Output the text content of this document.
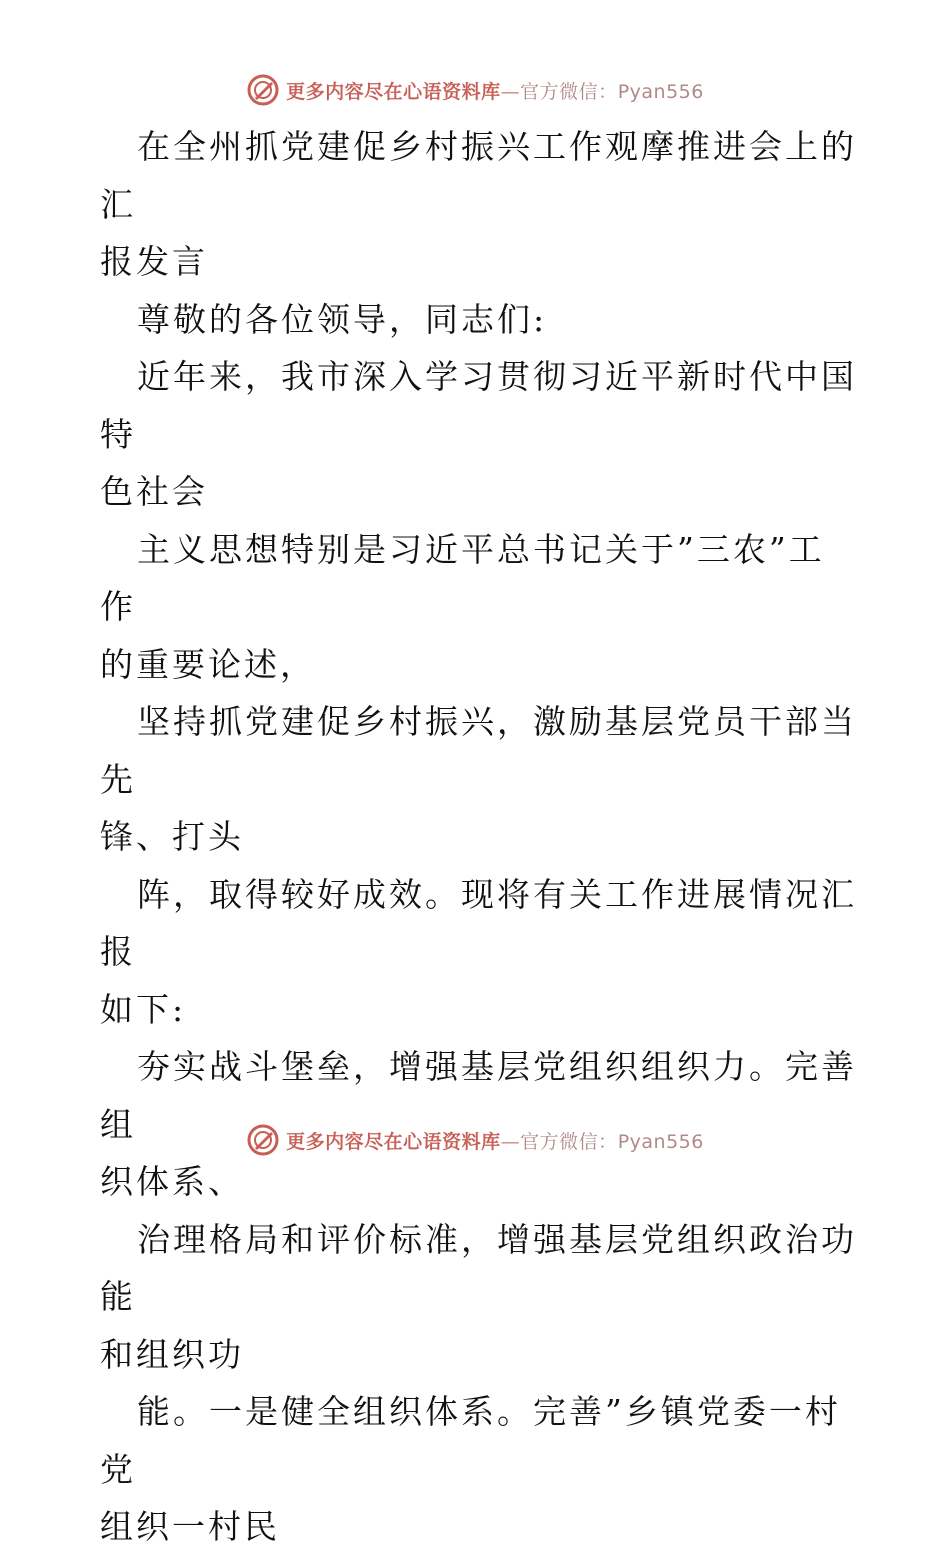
更多内容尽在心语资料库—官方微信：Pyan556

在全州抓党建促乡村振兴工作观摩推进会上的汇

报发言

尊敬的各位领导，同志们:

近年来，我市深入学习贯彻习近平新时代中国特

色社会

主义思想特别是习近平总书记关于”三农”工作

的重要论述，

坚持抓党建促乡村振兴，激励基层党员干部当先

锋、打头

阵，取得较好成效。现将有关工作进展情况汇报

如下:

夯实战斗堡垒，增强基层党组织组织力。完善组

织体系、

治理格局和评价标准，增强基层党组织政治功能

和组织功

能。一是健全组织体系。完善”乡镇党委一村党

组织一村民

更多内容尽在心语资料库—官方微信：Pyan556
